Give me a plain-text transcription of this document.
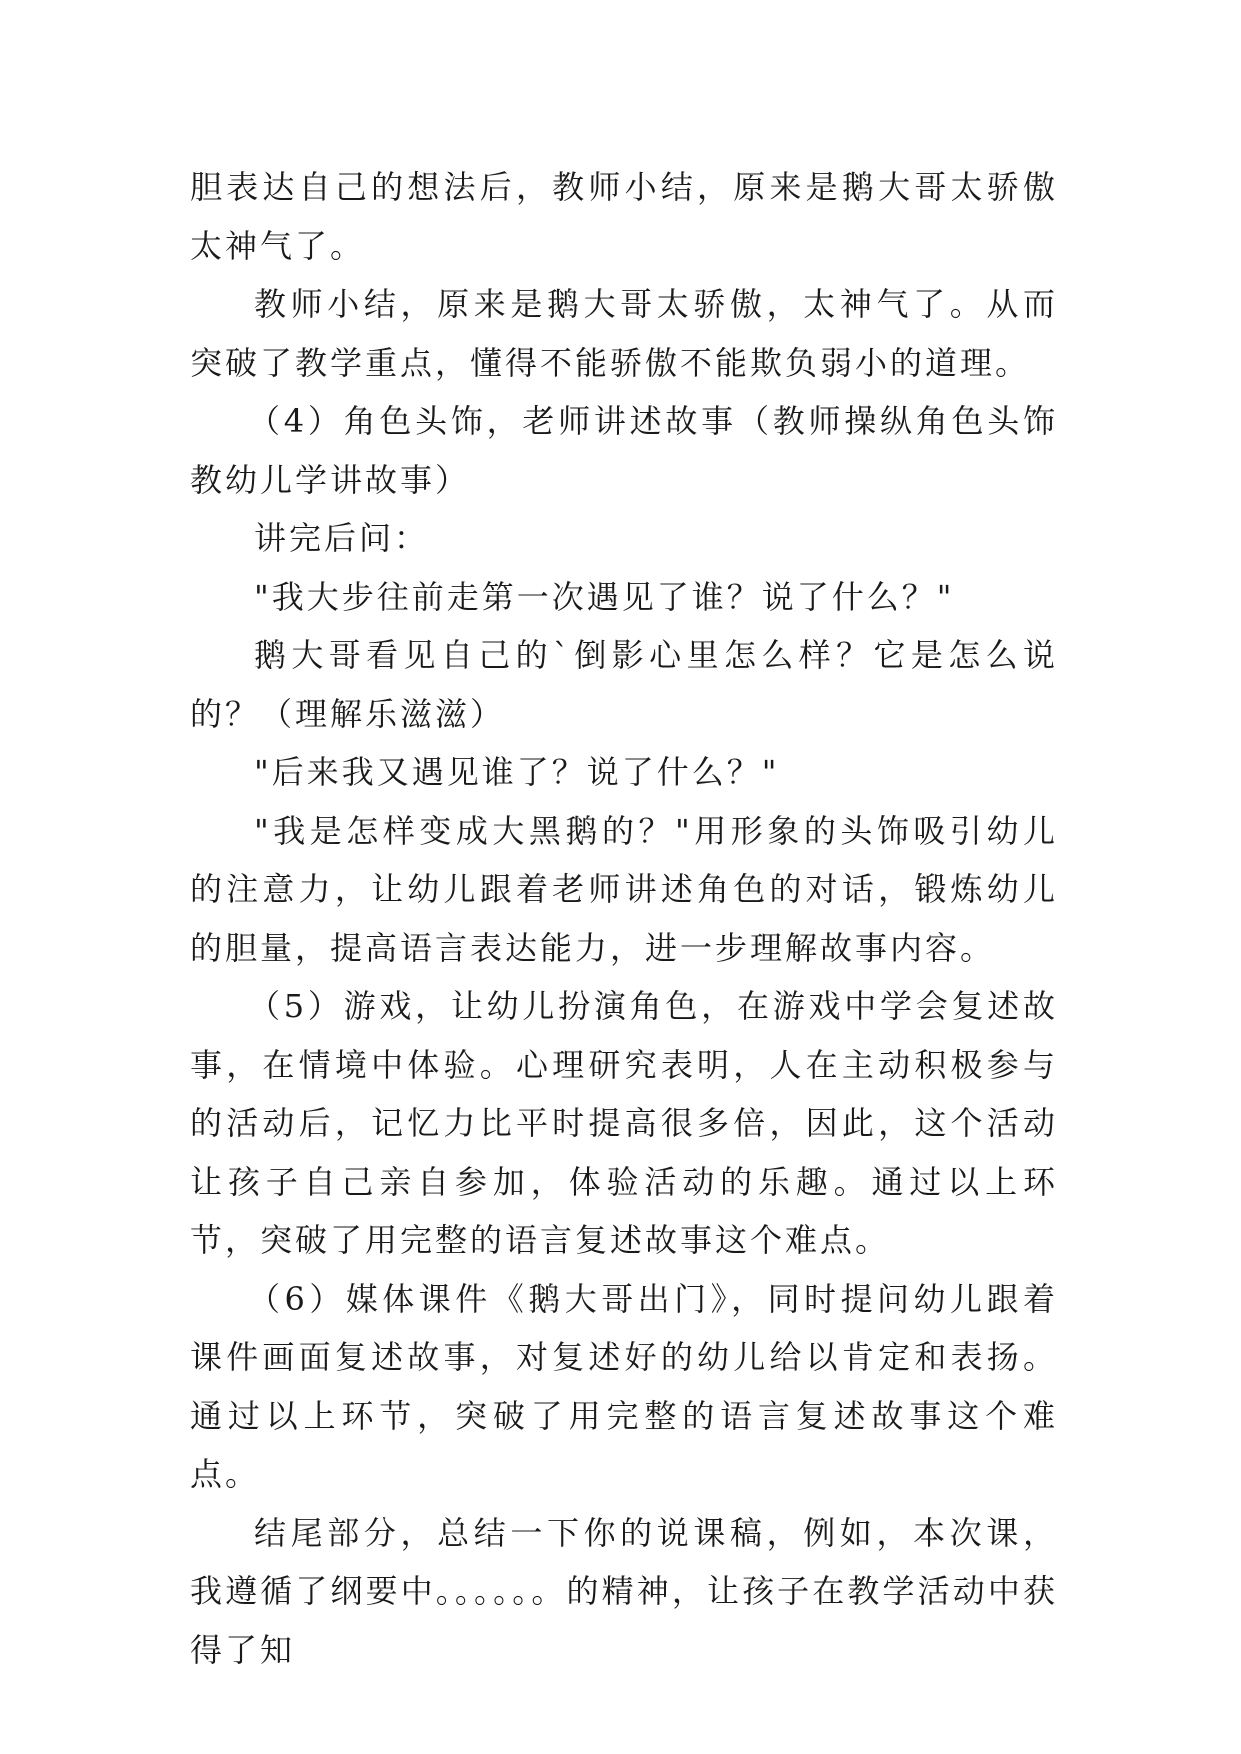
胆表达自己的想法后，教师小结，原来是鹅大哥太骄傲太神气了。

教师小结，原来是鹅大哥太骄傲，太神气了。从而突破了教学重点，懂得不能骄傲不能欺负弱小的道理。

（4）角色头饰，老师讲述故事（教师操纵角色头饰教幼儿学讲故事）

讲完后问：

"我大步往前走第一次遇见了谁？说了什么？"

鹅大哥看见自己的`倒影心里怎么样？它是怎么说的？（理解乐滋滋）

"后来我又遇见谁了？说了什么？"

"我是怎样变成大黑鹅的？"用形象的头饰吸引幼儿的注意力，让幼儿跟着老师讲述角色的对话，锻炼幼儿的胆量，提高语言表达能力，进一步理解故事内容。

（5）游戏，让幼儿扮演角色，在游戏中学会复述故事，在情境中体验。心理研究表明，人在主动积极参与的活动后，记忆力比平时提高很多倍，因此，这个活动让孩子自己亲自参加，体验活动的乐趣。通过以上环节，突破了用完整的语言复述故事这个难点。

（6）媒体课件《鹅大哥出门》，同时提问幼儿跟着课件画面复述故事，对复述好的幼儿给以肯定和表扬。通过以上环节，突破了用完整的语言复述故事这个难点。

结尾部分，总结一下你的说课稿，例如，本次课，我遵循了纲要中。。。。。。的精神，让孩子在教学活动中获得了知
